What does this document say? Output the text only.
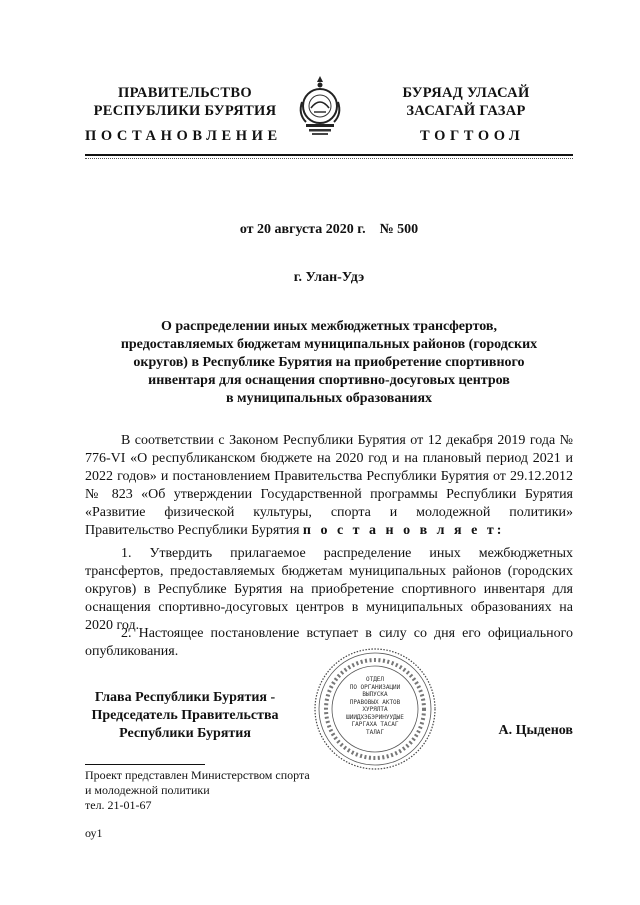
ПРАВИТЕЛЬСТВО
РЕСПУБЛИКИ БУРЯТИЯ
БУРЯАД УЛАСАЙ
ЗАСАГАЙ ГАЗАР
ПОСТАНОВЛЕНИЕ	ТОГТООЛ
от 20 августа 2020 г.    № 500
г. Улан-Удэ
О распределении иных межбюджетных трансфертов,
предоставляемых бюджетам муниципальных районов (городских
округов) в Республике Бурятия на приобретение спортивного
инвентаря для оснащения спортивно-досуговых центров
в муниципальных образованиях
В соответствии с Законом Республики Бурятия от 12 декабря 2019 года № 776-VI «О республиканском бюджете на 2020 год и на плановый период 2021 и 2022 годов» и постановлением Правительства Республики Бурятия от 29.12.2012 № 823 «Об утверждении Государственной программы Республики Бурятия «Развитие физической культуры, спорта и молодежной политики» Правительство Республики Бурятия п о с т а н о в л я е т:
1. Утвердить прилагаемое распределение иных межбюджетных трансфертов, предоставляемых бюджетам муниципальных районов (городских округов) в Республике Бурятия на приобретение спортивного инвентаря для оснащения спортивно-досуговых центров в муниципальных образованиях на 2020 год.
2. Настоящее постановление вступает в силу со дня его официального опубликования.
Глава Республики Бурятия -
Председатель Правительства
Республики Бурятия
ОТДЕЛ
ПО ОРГАНИЗАЦИИ
ВЫПУСКА
ПРАВОВЫХ АКТОВ
ХУРЯЛТА
ШИИДХЭБЭРИНУУДЫЕ
ГАРГАХА ТАСАГ
ТАЛАГ	А. Цыденов
Проект представлен Министерством спорта
и молодежной политики
тел. 21-01-67
оу1
